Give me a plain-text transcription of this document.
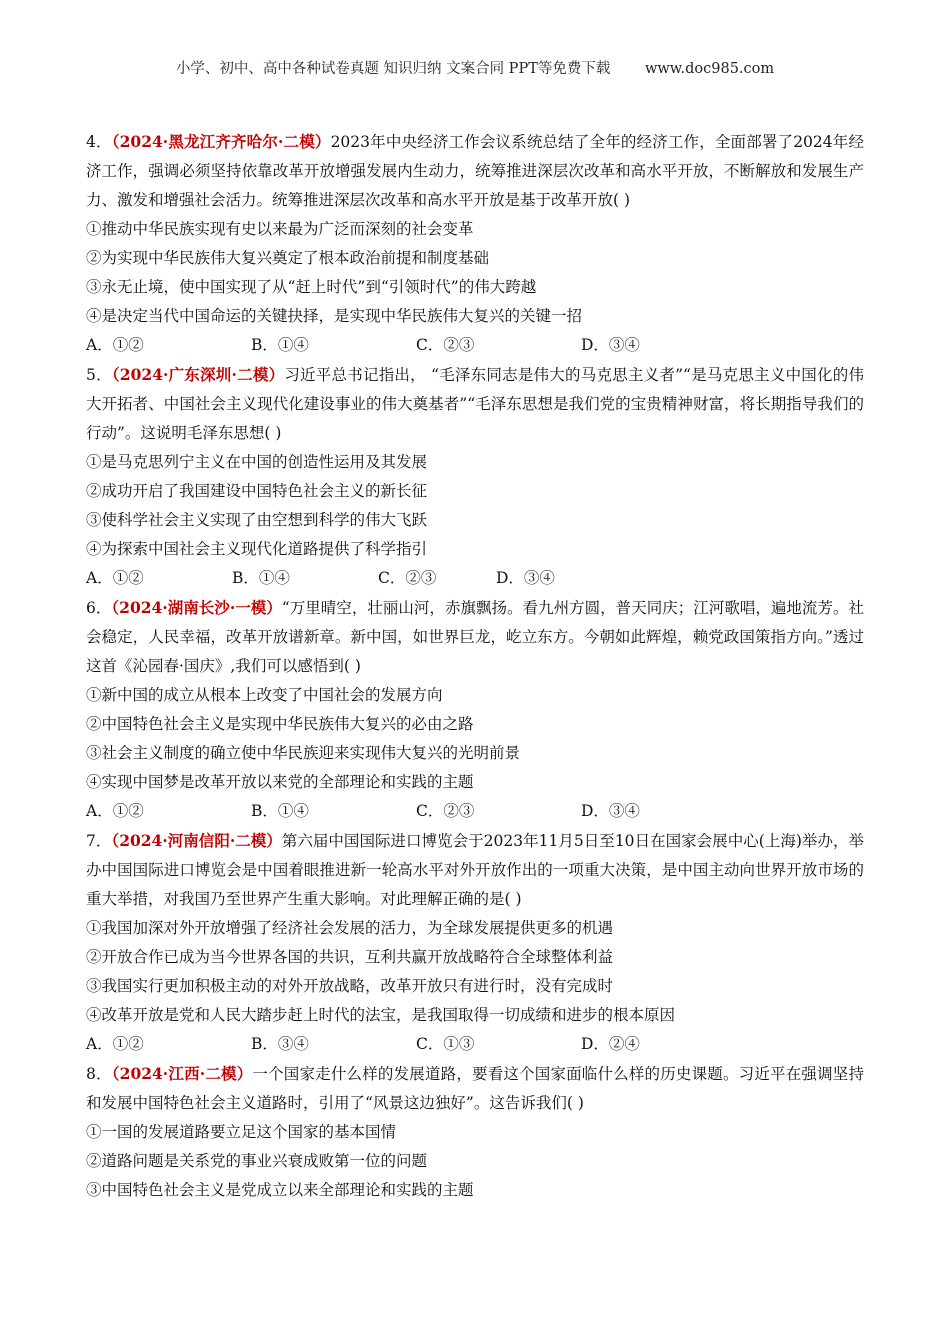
小学、初中、高中各种试卷真题 知识归纳 文案合同 PPT等免费下载 www.doc985.com
4．（2024·黑龙江齐齐哈尔·二模）2023年中央经济工作会议系统总结了全年的经济工作，全面部署了2024年经济工作，强调必须坚持依靠改革开放增强发展内生动力，统筹推进深层次改革和高水平开放，不断解放和发展生产力、激发和增强社会活力。统筹推进深层次改革和高水平开放是基于改革开放( )
①推动中华民族实现有史以来最为广泛而深刻的社会变革
②为实现中华民族伟大复兴奠定了根本政治前提和制度基础
③永无止境，使中国实现了从“赶上时代”到“引领时代”的伟大跨越
④是决定当代中国命运的关键抉择，是实现中华民族伟大复兴的关键一招
A．①②	B．①④	C．②③	D．③④
5．（2024·广东深圳·二模）习近平总书记指出， “毛泽东同志是伟大的马克思主义者”“是马克思主义中国化的伟大开拓者、中国社会主义现代化建设事业的伟大奠基者”“毛泽东思想是我们党的宝贵精神财富，将长期指导我们的行动”。这说明毛泽东思想( )
①是马克思列宁主义在中国的创造性运用及其发展
②成功开启了我国建设中国特色社会主义的新长征
③使科学社会主义实现了由空想到科学的伟大飞跃
④为探索中国社会主义现代化道路提供了科学指引
A．①②	B．①④	C．②③	D．③④
6．（2024·湖南长沙·一模）“万里晴空，壮丽山河，赤旗飘扬。看九州方圆，普天同庆；江河歌唱，遍地流芳。社会稳定，人民幸福，改革开放谱新章。新中国，如世界巨龙，屹立东方。今朝如此辉煌，赖党政国策指方向。”透过这首《沁园春·国庆》,我们可以感悟到( )
①新中国的成立从根本上改变了中国社会的发展方向
②中国特色社会主义是实现中华民族伟大复兴的必由之路
③社会主义制度的确立使中华民族迎来实现伟大复兴的光明前景
④实现中国梦是改革开放以来党的全部理论和实践的主题
A．①②	B．①④	C．②③	D．③④
7．（2024·河南信阳·二模）第六届中国国际进口博览会于2023年11月5日至10日在国家会展中心(上海)举办，举办中国国际进口博览会是中国着眼推进新一轮高水平对外开放作出的一项重大决策，是中国主动向世界开放市场的重大举措，对我国乃至世界产生重大影响。对此理解正确的是( )
①我国加深对外开放增强了经济社会发展的活力，为全球发展提供更多的机遇
②开放合作已成为当今世界各国的共识，互利共赢开放战略符合全球整体利益
③我国实行更加积极主动的对外开放战略，改革开放只有进行时，没有完成时
④改革开放是党和人民大踏步赶上时代的法宝，是我国取得一切成绩和进步的根本原因
A．①②	B．③④	C．①③	D．②④
8．（2024·江西·二模）一个国家走什么样的发展道路，要看这个国家面临什么样的历史课题。习近平在强调坚持和发展中国特色社会主义道路时，引用了“风景这边独好”。这告诉我们( )
①一国的发展道路要立足这个国家的基本国情
②道路问题是关系党的事业兴衰成败第一位的问题
③中国特色社会主义是党成立以来全部理论和实践的主题
